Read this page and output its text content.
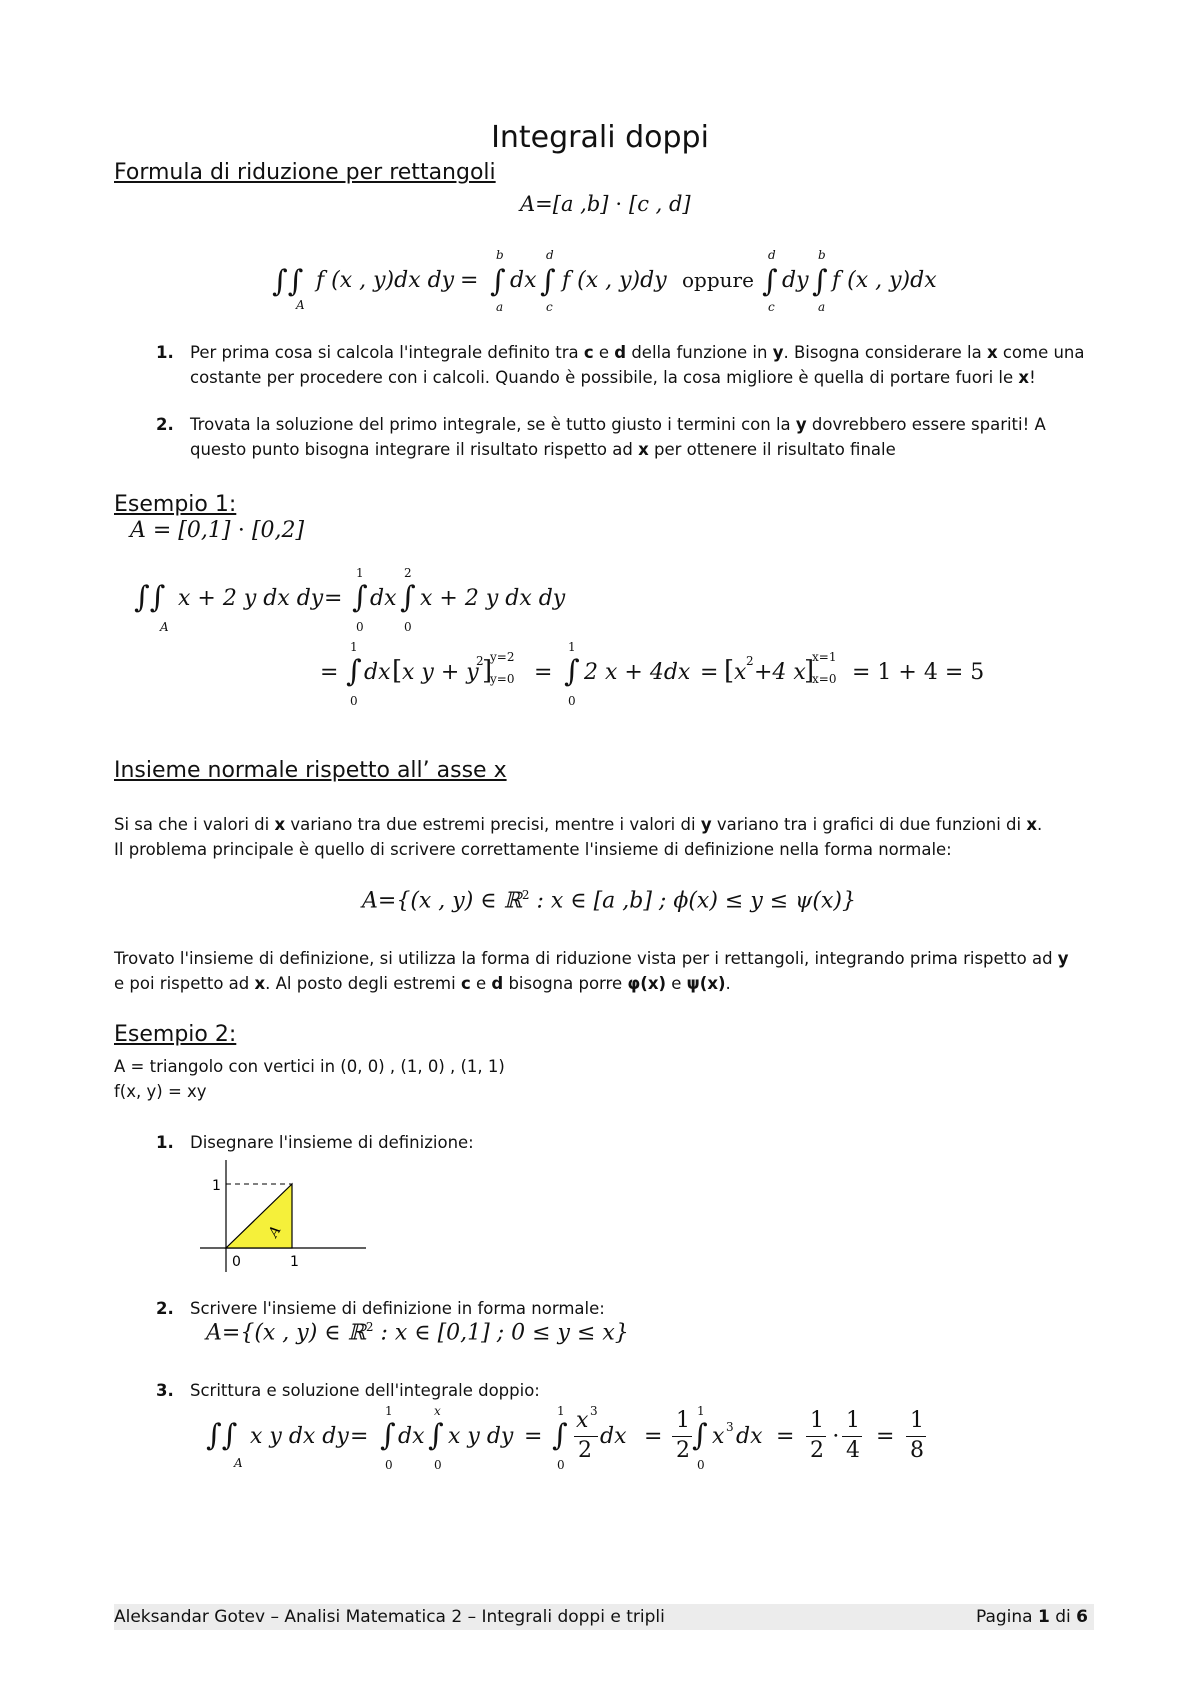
Integrali doppi
Formula di riduzione per rettangoli
A=[a ,b] ⋅ [c , d]
∫∫
A
f (x , y)dx dy = ∫
b
a
dx ∫
d
c
f (x , y)dy oppure ∫
d
c
dy ∫
b
a
f (x , y)dx
1. Per prima cosa si calcola l'integrale definito tra c e d della funzione in y. Bisogna considerare la x come una
costante per procedere con i calcoli. Quando è possibile, la cosa migliore è quella di portare fuori le x!
2. Trovata la soluzione del primo integrale, se è tutto giusto i termini con la y dovrebbero essere spariti! A
questo punto bisogna integrare il risultato rispetto ad x per ottenere il risultato finale
Esempio 1:
A = [0,1] ⋅ [0,2]
∫∫
A
x + 2 y dx dy = ∫
1
0
dx ∫
2
0
x + 2 y dx dy
= ∫
1
0
dx [ x y + y
2
]
y=2
y=0 = ∫
1
0
2 x + 4dx = [ x 2 +4 x
]
x=1
x=0 = 1 + 4 = 5
Insieme normale rispetto all’ asse x
Si sa che i valori di x variano tra due estremi precisi, mentre i valori di y variano tra i grafici di due funzioni di x.
Il problema principale è quello di scrivere correttamente l'insieme di definizione nella forma normale:
A={(x , y) ∈ ℝ$^2$ : x ∈ [a ,b] ; ϕ(x) ≤ y ≤ ψ(x)}
Trovato l'insieme di definizione, si utilizza la forma di riduzione vista per i rettangoli, integrando prima rispetto ad y
e poi rispetto ad x. Al posto degli estremi c e d bisogna porre φ(x) e ψ(x).
Esempio 2:
A = triangolo con vertici in (0, 0) , (1, 0) , (1, 1)
f(x, y) = xy
1. Disegnare l'insieme di definizione:
1
0	1
A
2. Scrivere l'insieme di definizione in forma normale:
A={(x , y) ∈ ℝ$^2$ : x ∈ [0,1] ; 0 ≤ y ≤ x}
3. Scrittura e soluzione dell'integrale doppio:
∫∫
A
x y dx dy = ∫
1
0
dx ∫
x
0
x y dy = ∫
1
0
x 3
2
dx =
1
2 ∫
1
0
x 3 dx =
1
2
⋅
1
4
=
1
8
Aleksandar Gotev – Analisi Matematica 2 – Integrali doppi e tripli	Pagina 1 di 6
